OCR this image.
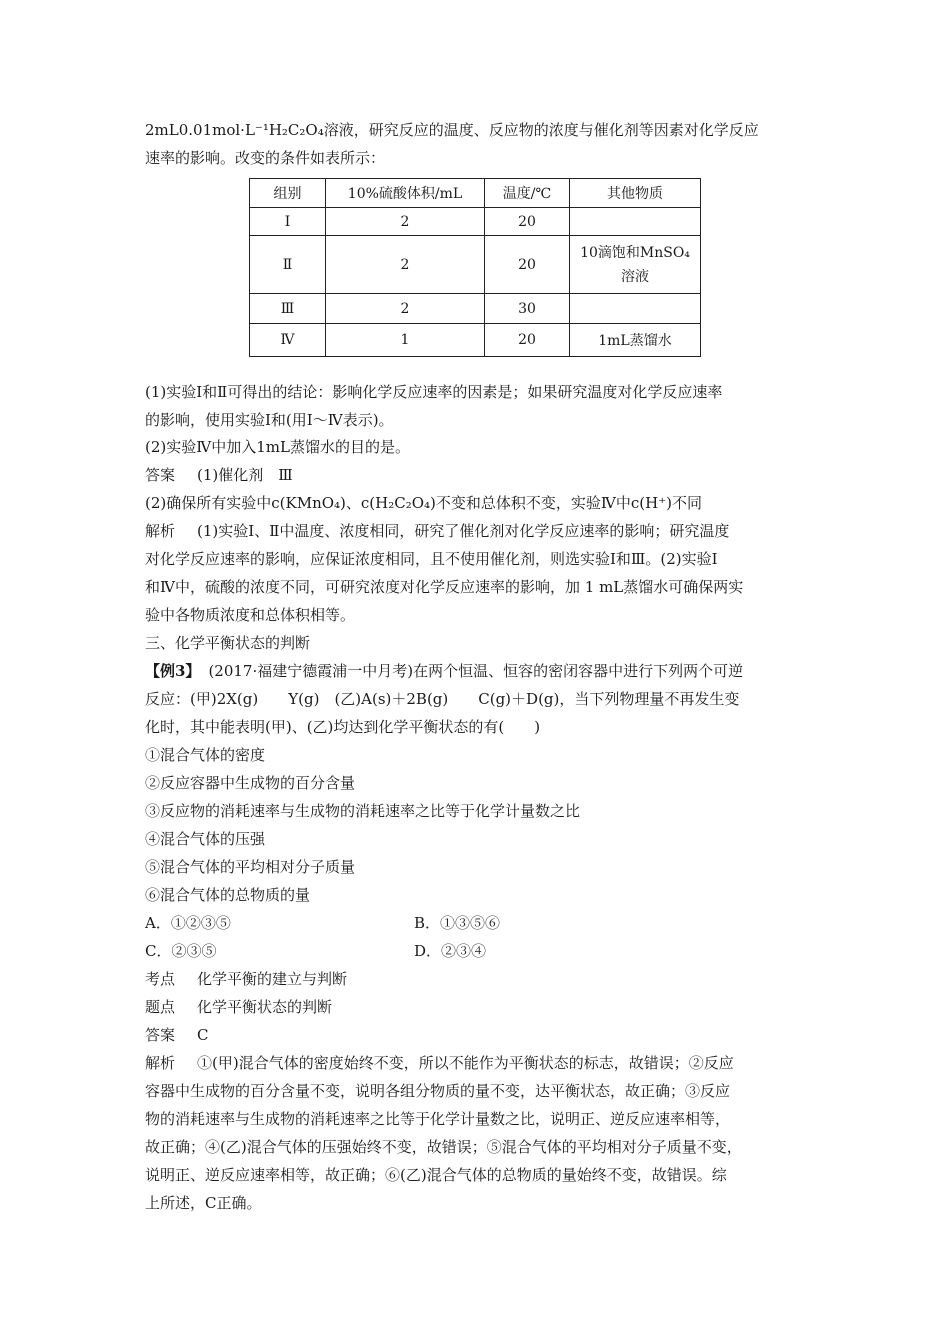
2mL0.01mol·L⁻¹H₂C₂O₄溶液，研究反应的温度、反应物的浓度与催化剂等因素对化学反应
速率的影响。改变的条件如表所示：
组别	10%硫酸体积/mL	温度/℃	其他物质
Ⅰ	2	20	
Ⅱ	2	20	10滴饱和MnSO₄溶液
Ⅲ	2	30	
Ⅳ	1	20	1mL蒸馏水
(1)实验Ⅰ和Ⅱ可得出的结论：影响化学反应速率的因素是；如果研究温度对化学反应速率
的影响，使用实验Ⅰ和(用Ⅰ～Ⅳ表示)。
(2)实验Ⅳ中加入1mL蒸馏水的目的是。
答案 (1)催化剂　Ⅲ
(2)确保所有实验中c(KMnO₄)、c(H₂C₂O₄)不变和总体积不变，实验Ⅳ中c(H⁺)不同
解析 (1)实验Ⅰ、Ⅱ中温度、浓度相同，研究了催化剂对化学反应速率的影响；研究温度
对化学反应速率的影响，应保证浓度相同，且不使用催化剂，则选实验Ⅰ和Ⅲ。(2)实验Ⅰ
和Ⅳ中，硫酸的浓度不同，可研究浓度对化学反应速率的影响，加 1 mL蒸馏水可确保两实
验中各物质浓度和总体积相等。
三、化学平衡状态的判断
【例3】 (2017·福建宁德霞浦一中月考)在两个恒温、恒容的密闭容器中进行下列两个可逆
反应：(甲)2X(g)　　Y(g)　(乙)A(s)＋2B(g)　　C(g)＋D(g)，当下列物理量不再发生变
化时，其中能表明(甲)、(乙)均达到化学平衡状态的有(　　)
①混合气体的密度
②反应容器中生成物的百分含量
③反应物的消耗速率与生成物的消耗速率之比等于化学计量数之比
④混合气体的压强
⑤混合气体的平均相对分子质量
⑥混合气体的总物质的量
A．①②③⑤	B．①③⑤⑥
C．②③⑤	D．②③④
考点 化学平衡的建立与判断
题点 化学平衡状态的判断
答案 C
解析 ①(甲)混合气体的密度始终不变，所以不能作为平衡状态的标志，故错误；②反应
容器中生成物的百分含量不变，说明各组分物质的量不变，达平衡状态，故正确；③反应
物的消耗速率与生成物的消耗速率之比等于化学计量数之比，说明正、逆反应速率相等，
故正确；④(乙)混合气体的压强始终不变，故错误；⑤混合气体的平均相对分子质量不变，
说明正、逆反应速率相等，故正确；⑥(乙)混合气体的总物质的量始终不变，故错误。综
上所述，C正确。
